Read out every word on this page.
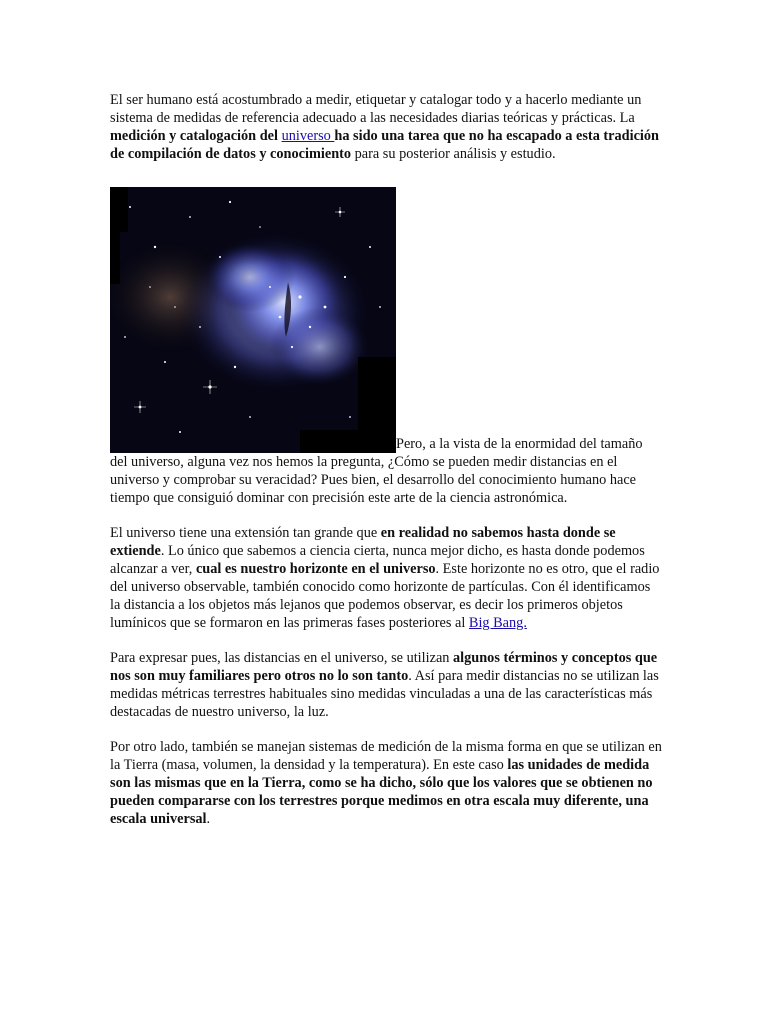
El ser humano está acostumbrado a medir, etiquetar y catalogar todo y a hacerlo mediante un sistema de medidas de referencia adecuado a las necesidades diarias teóricas y prácticas. La medición y catalogación del universo ha sido una tarea que no ha escapado a esta tradición de compilación de datos y conocimiento para su posterior análisis y estudio.

Pero, a la vista de la enormidad del tamaño del universo, alguna vez nos hemos la pregunta, ¿Cómo se pueden medir distancias en el universo y comprobar su veracidad? Pues bien, el desarrollo del conocimiento humano hace tiempo que consiguió dominar con precisión este arte de la ciencia astronómica.

El universo tiene una extensión tan grande que en realidad no sabemos hasta donde se extiende. Lo único que sabemos a ciencia cierta, nunca mejor dicho, es hasta donde podemos alcanzar a ver, cual es nuestro horizonte en el universo. Este horizonte no es otro, que el radio del universo observable, también conocido como horizonte de partículas. Con él identificamos la distancia a los objetos más lejanos que podemos observar, es decir los primeros objetos lumínicos que se formaron en las primeras fases posteriores al Big Bang.

Para expresar pues, las distancias en el universo, se utilizan algunos términos y conceptos que nos son muy familiares pero otros no lo son tanto. Así para medir distancias no se utilizan las medidas métricas terrestres habituales sino medidas vinculadas a una de las características más destacadas de nuestro universo, la luz.

Por otro lado, también se manejan sistemas de medición de la misma forma en que se utilizan en la Tierra (masa, volumen, la densidad y la temperatura). En este caso las unidades de medida son las mismas que en la Tierra, como se ha dicho, sólo que los valores que se obtienen no pueden compararse con los terrestres porque medimos en otra escala muy diferente, una escala universal.
